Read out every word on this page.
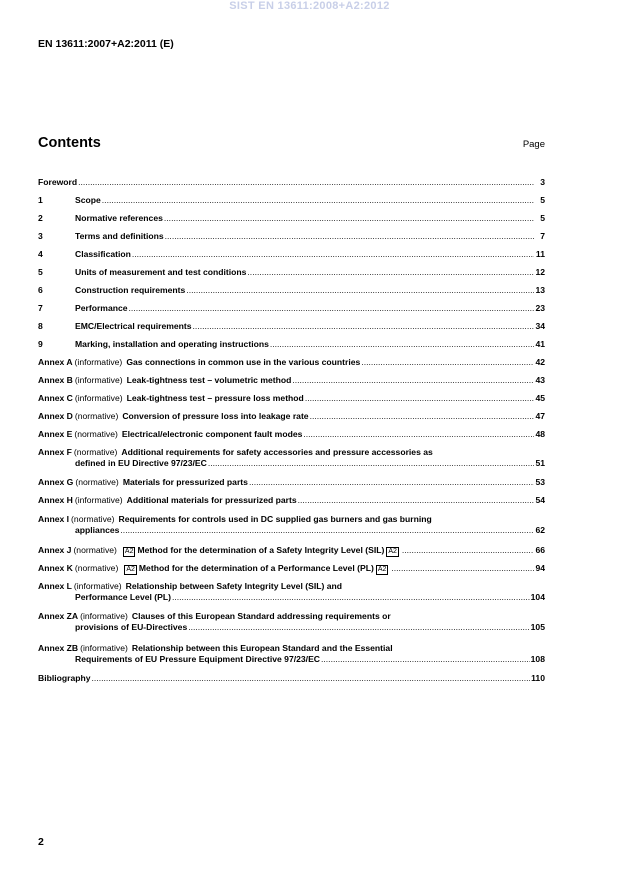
SIST EN 13611:2008+A2:2012
EN 13611:2007+A2:2011 (E)
Contents	Page
Foreword .....	3
1	Scope .....	5
2	Normative references .....	5
3	Terms and definitions .....	7
4	Classification .....	11
5	Units of measurement and test conditions .....	12
6	Construction requirements .....	13
7	Performance .....	23
8	EMC/Electrical requirements .....	34
9	Marking, installation and operating instructions .....	41
Annex A (informative) Gas connections in common use in the various countries .....	42
Annex B (informative) Leak-tightness test – volumetric method .....	43
Annex C (informative) Leak-tightness test – pressure loss method .....	45
Annex D (normative) Conversion of pressure loss into leakage rate .....	47
Annex E (normative) Electrical/electronic component fault modes .....	48
Annex F (normative) Additional requirements for safety accessories and pressure accessories as
defined in EU Directive 97/23/EC .....	51
Annex G (normative) Materials for pressurized parts .....	53
Annex H (informative) Additional materials for pressurized parts .....	54
Annex I (normative) Requirements for controls used in DC supplied gas burners and gas burning
appliances .....	62
Annex J (normative) A2 Method for the determination of a Safety Integrity Level (SIL) A2 .....	66
Annex K (normative) A2 Method for the determination of a Performance Level (PL) A2 .....	94
Annex L (informative) Relationship between Safety Integrity Level (SIL) and
Performance Level (PL) .....	104
Annex ZA (informative) Clauses of this European Standard addressing requirements or
provisions of EU-Directives .....	105
Annex ZB (informative) Relationship between this European Standard and the Essential
Requirements of EU Pressure Equipment Directive 97/23/EC .....	108
Bibliography .....	110
2
